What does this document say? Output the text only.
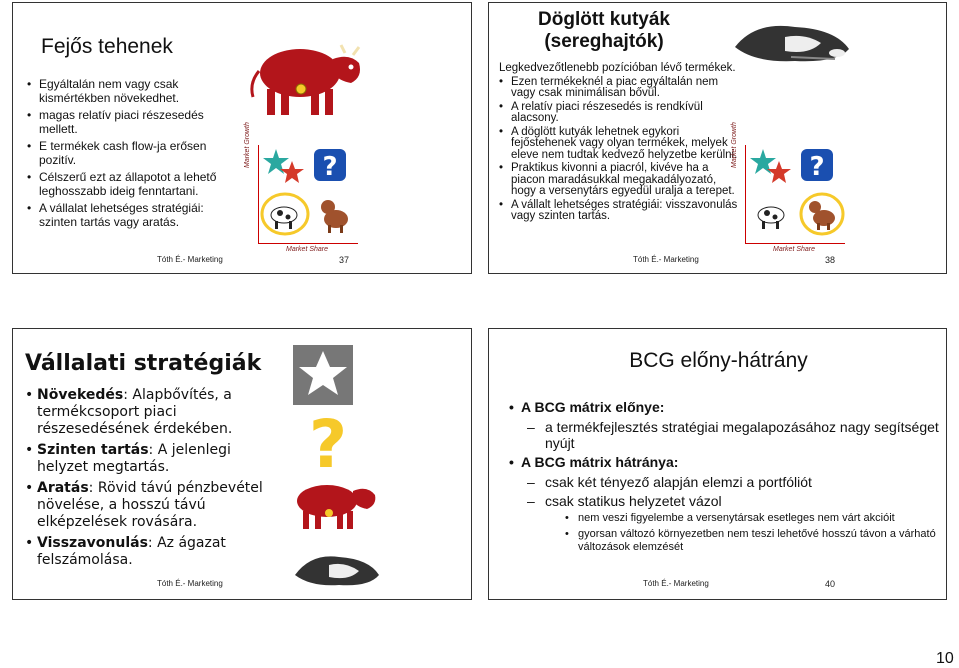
Fejős tehenek
• Egyáltalán nem vagy csak kismértékben növekedhet.
• magas relatív piaci részesedés mellett.
• E termékek cash flow-ja erősen pozitív.
• Célszerű ezt az állapotot a lehető leghosszabb ideig fenntartani.
• A vállalat lehetséges stratégiái: szinten tartás vagy aratás.
Market Growth	?
Market Share
Tóth É.- Marketing	37
Döglött kutyák (sereghajtók)
Legkedvezőtlenebb pozícióban lévő termékek.
• Ezen termékeknél a piac egyáltalán nem vagy csak minimálisan bővül.
• A relatív piaci részesedés is rendkívül alacsony.
• A döglött kutyák lehetnek egykori fejőstehenek vagy olyan termékek, melyek eleve nem tudtak kedvező helyzetbe kerülni.
• Praktikus kivonni a piacról, kivéve ha a piacon maradásukkal megakadályozató, hogy a versenytárs egyedül uralja a terepet.
• A vállalt lehetséges stratégiái: visszavonulás vagy szinten tartás.
Market Growth	?
Market Share
Tóth É.- Marketing	38
Vállalati stratégiák
?
• Növekedés: Alapbővítés, a termékcsoport piaci részesedésének érdekében.
• Szinten tartás: A jelenlegi helyzet megtartás.
• Aratás: Rövid távú pénzbevétel növelése, a hosszú távú elképzelések rovására.
• Visszavonulás: Az ágazat felszámolása.
Tóth É.- Marketing
BCG előny-hátrány
• A BCG mátrix előnye:
– a termékfejlesztés stratégiai megalapozásához nagy segítséget nyújt
• A BCG mátrix hátránya:
– csak két tényező alapján elemzi a portfóliót
– csak statikus helyzetet vázol
• nem veszi figyelembe a versenytársak esetleges nem várt akcióit
• gyorsan változó környezetben nem teszi lehetővé hosszú távon a várható változások elemzését
Tóth É.- Marketing	40
10
